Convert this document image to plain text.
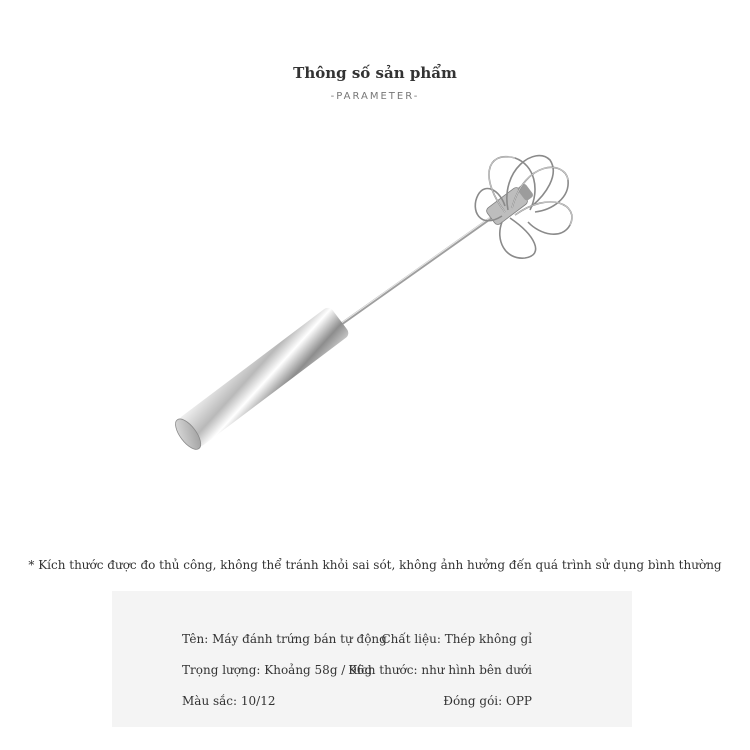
Thông số sản phẩm
-PARAMETER-
* Kích thước được đo thủ công, không thể tránh khỏi sai sót, không ảnh hưởng đến quá trình sử dụng bình thường
Tên: Máy đánh trứng bán tự động
Chất liệu: Thép không gỉ
Trọng lượng: Khoảng 58g / 96g
Kích thước: như hình bên dưới
Màu sắc: 10/12	Đóng gói: OPP
